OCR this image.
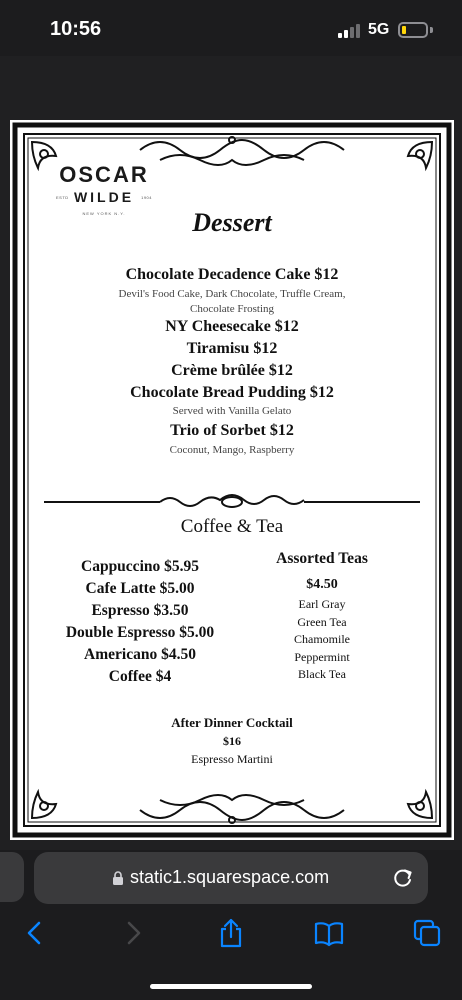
10:56	5G
OSCAR
WILDE
ESTD	1904
NEW YORK N.Y.	Dessert
Chocolate Decadence Cake $12
Devil's Food Cake, Dark Chocolate, Truffle Cream,
Chocolate Frosting
NY Cheesecake $12
Tiramisu $12
Crème brûlée $12
Chocolate Bread Pudding $12
Served with Vanilla Gelato
Trio of Sorbet $12
Coconut, Mango, Raspberry
Coffee & Tea
Cappuccino $5.95
Cafe Latte $5.00
Espresso $3.50
Double Espresso $5.00
Americano $4.50
Coffee $4
Assorted Teas
$4.50
Earl Gray
Green Tea
Chamomile
Peppermint
Black Tea
After Dinner Cocktail
$16
Espresso Martini
static1.squarespace.com
